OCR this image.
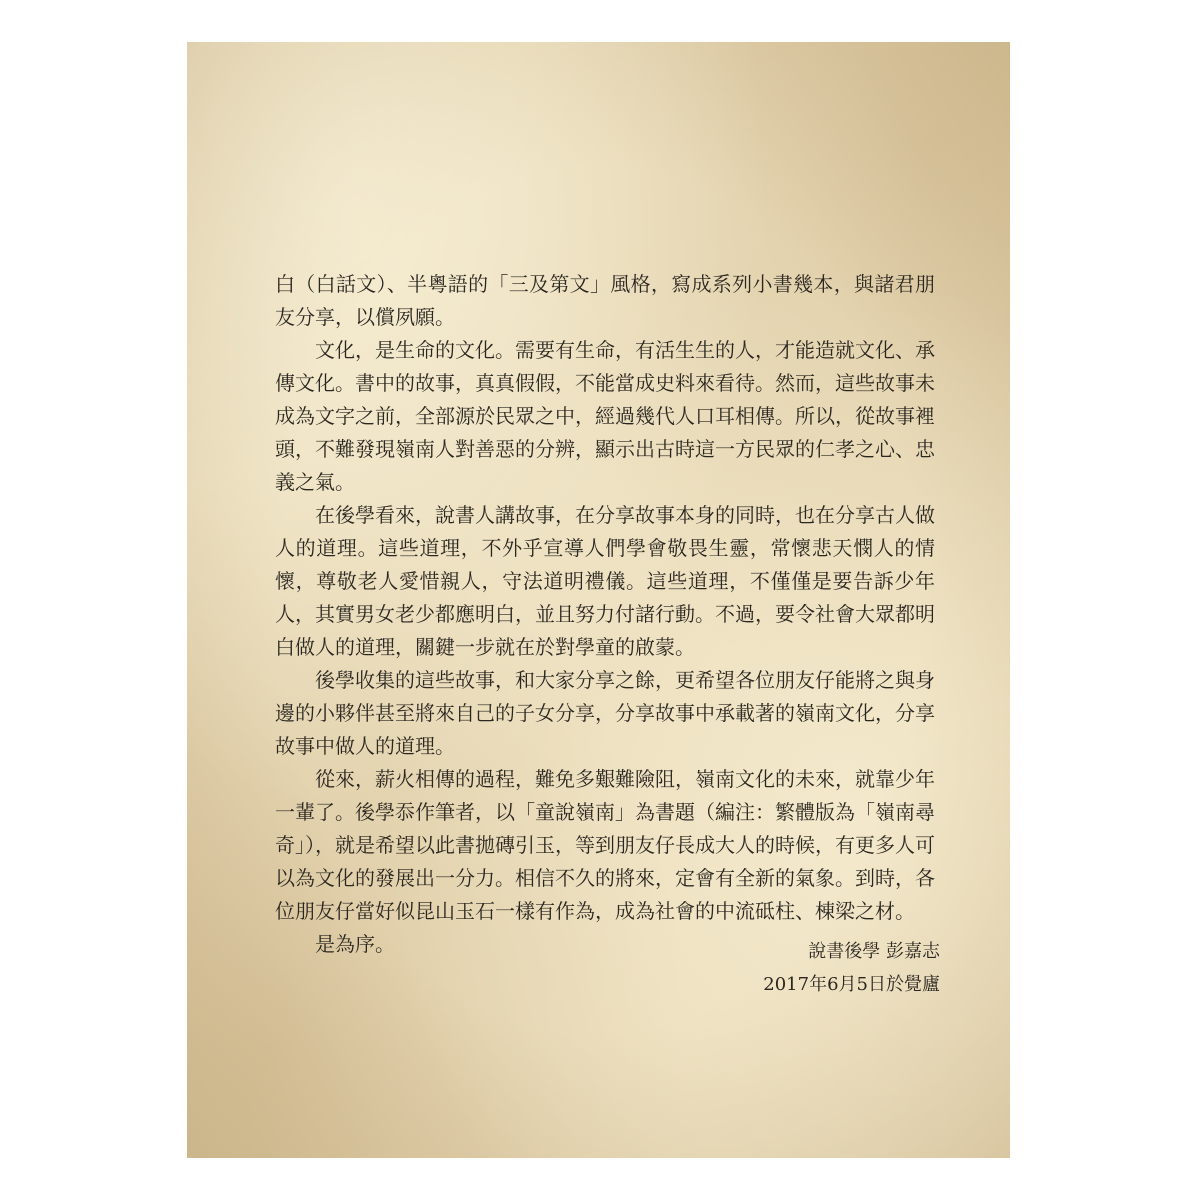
白（白話文）、半粵語的「三及第文」風格，寫成系列小書幾本，與諸君朋友分享，以償夙願。

文化，是生命的文化。需要有生命，有活生生的人，才能造就文化、承傳文化。書中的故事，真真假假，不能當成史料來看待。然而，這些故事未成為文字之前，全部源於民眾之中，經過幾代人口耳相傳。所以，從故事裡頭，不難發現嶺南人對善惡的分辨，顯示出古時這一方民眾的仁孝之心、忠義之氣。

在後學看來，說書人講故事，在分享故事本身的同時，也在分享古人做人的道理。這些道理，不外乎宣導人們學會敬畏生靈，常懷悲天憫人的情懷，尊敬老人愛惜親人，守法道明禮儀。這些道理，不僅僅是要告訴少年人，其實男女老少都應明白，並且努力付諸行動。不過，要令社會大眾都明白做人的道理，關鍵一步就在於對學童的啟蒙。

後學收集的這些故事，和大家分享之餘，更希望各位朋友仔能將之與身邊的小夥伴甚至將來自己的子女分享，分享故事中承載著的嶺南文化，分享故事中做人的道理。

從來，薪火相傳的過程，難免多艱難險阻，嶺南文化的未來，就靠少年一輩了。後學忝作筆者，以「童說嶺南」為書題（編注：繁體版為「嶺南尋奇」），就是希望以此書拋磚引玉，等到朋友仔長成大人的時候，有更多人可以為文化的發展出一分力。相信不久的將來，定會有全新的氣象。到時，各位朋友仔當好似昆山玉石一樣有作為，成為社會的中流砥柱、棟梁之材。

是為序。	說書後學 彭嘉志
2017年6月5日於覺廬
